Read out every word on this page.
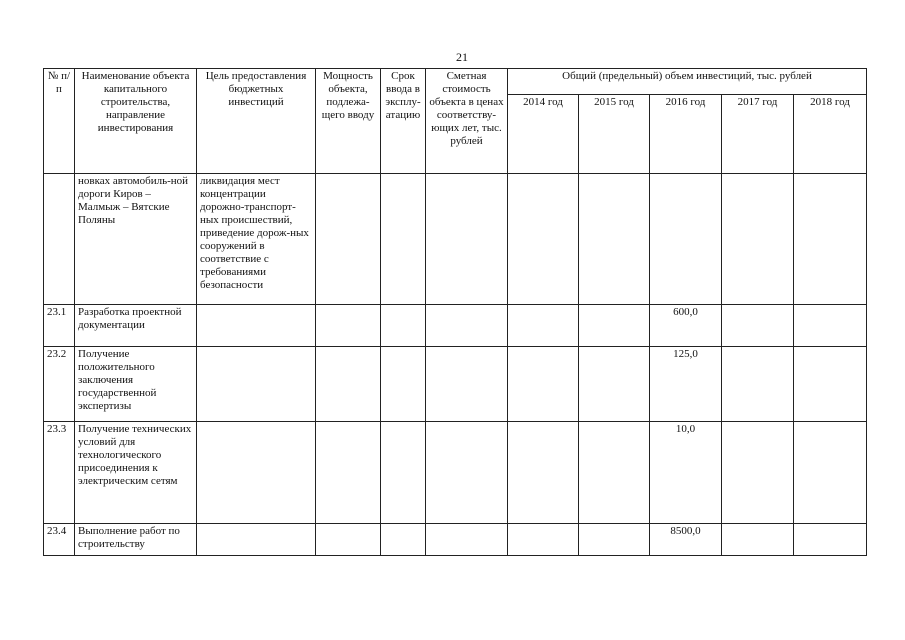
21
№ п/п	Наименование объекта капитального строительства, направление инвестирования	Цель предоставления бюджетных инвестиций	Мощность объекта, подлежа-щего вводу	Срок ввода в эксплу-атацию	Сметная стоимость объекта в ценах соответству-ющих лет, тыс. рублей	Общий (предельный) объем инвестиций, тыс. рублей				
						2014 год	2015 год	2016 год	2017 год	2018 год
	новках автомобиль-ной дороги Киров – Малмыж – Вятские Поляны	ликвидация мест концентрации дорожно-транспорт-ных происшествий, приведение дорож-ных сооружений в соответствие с требованиями безопасности								
23.1	Разработка проектной документации							600,0		
23.2	Получение положительного заключения государственной экспертизы							125,0		
23.3	Получение технических условий для технологического присоединения к электрическим сетям							10,0		
23.4	Выполнение работ по строительству							8500,0		
